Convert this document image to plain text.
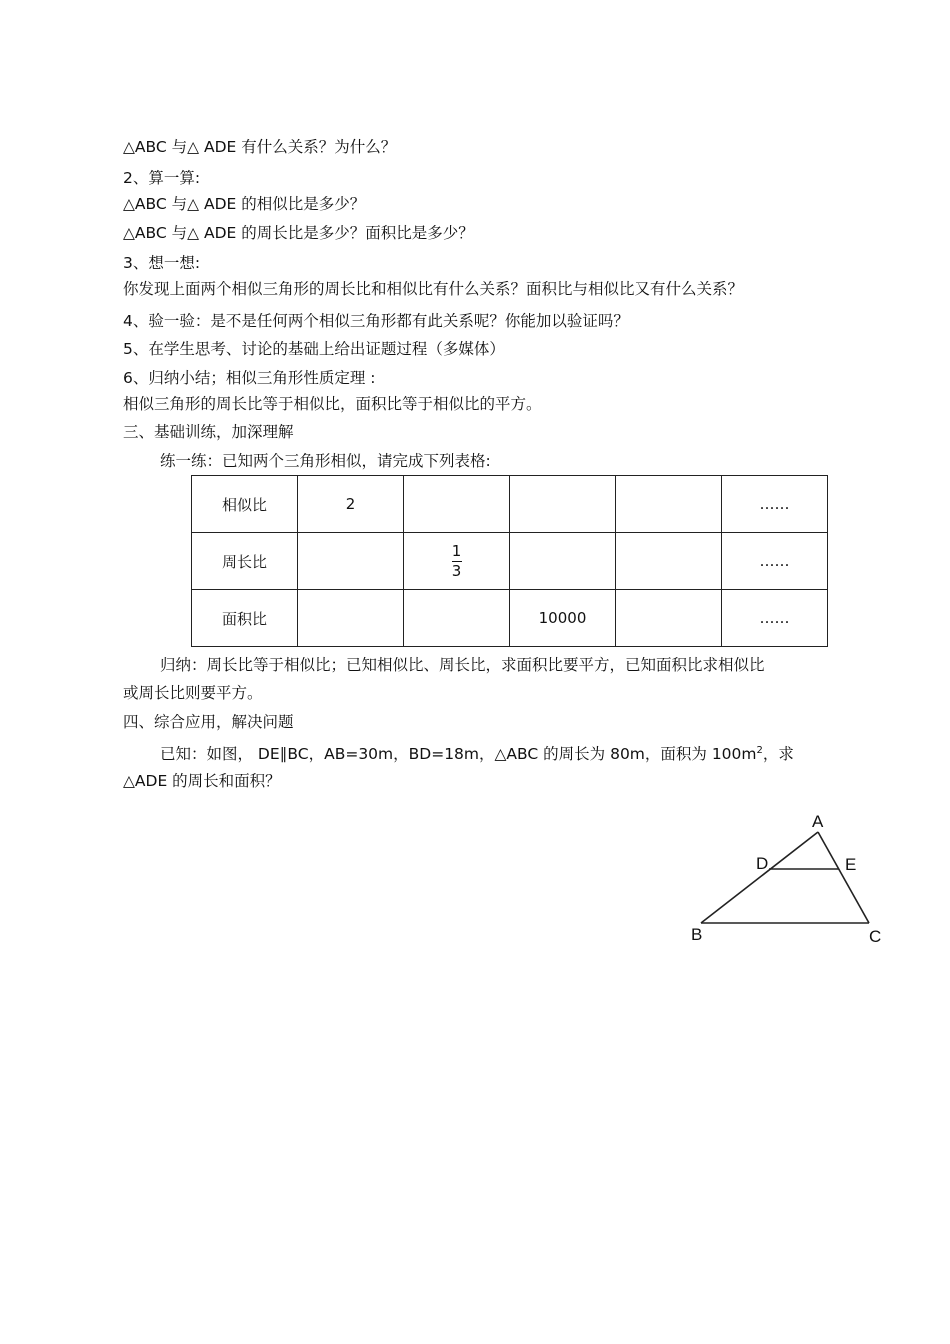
△ABC 与△ ADE 有什么关系？为什么？
2、算一算:
△ABC 与△ ADE 的相似比是多少？
△ABC 与△ ADE 的周长比是多少？面积比是多少？
3、想一想:
你发现上面两个相似三角形的周长比和相似比有什么关系？面积比与相似比又有什么关系？
4、验一验：是不是任何两个相似三角形都有此关系呢？你能加以验证吗？
5、在学生思考、讨论的基础上给出证题过程（多媒体）
6、归纳小结；相似三角形性质定理 :
相似三角形的周长比等于相似比，面积比等于相似比的平方。
三、基础训练，加深理解
练一练：已知两个三角形相似，请完成下列表格:
相似比	2				……
周长比		$\frac{1}{3}$			……
面积比			10000		……
归纳：周长比等于相似比；已知相似比、周长比，求面积比要平方，已知面积比求相似比
或周长比则要平方。
四、综合应用，解决问题
已知：如图， DE∥BC，AB=30m，BD=18m，△ABC 的周长为 80m，面积为 $100m^2$，求
△ADE 的周长和面积？
A
D	E
B	C
